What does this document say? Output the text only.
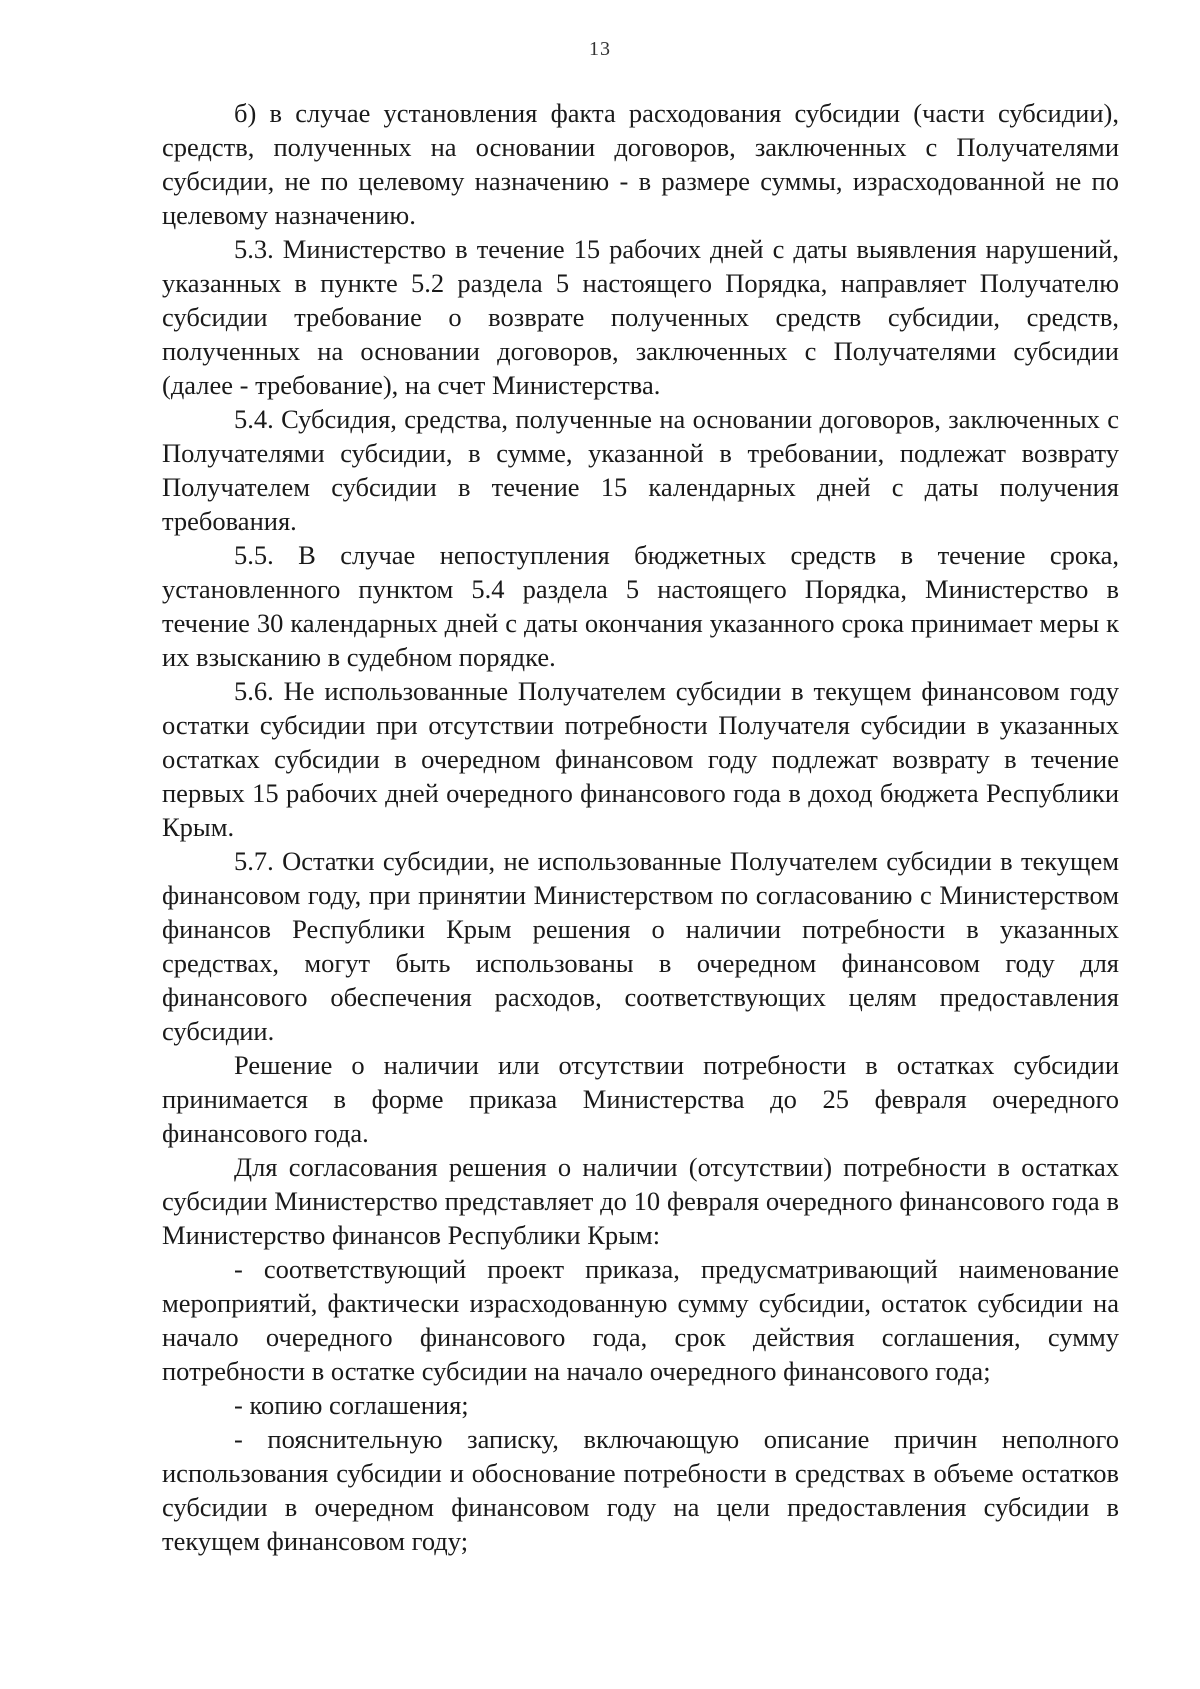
13

б) в случае установления факта расходования субсидии (части субсидии), средств, полученных на основании договоров, заключенных с Получателями субсидии, не по целевому назначению - в размере суммы, израсходованной не по целевому назначению.

5.3. Министерство в течение 15 рабочих дней с даты выявления нарушений, указанных в пункте 5.2 раздела 5 настоящего Порядка, направляет Получателю субсидии требование о возврате полученных средств субсидии, средств, полученных на основании договоров, заключенных с Получателями субсидии (далее - требование), на счет Министерства.

5.4. Субсидия, средства, полученные на основании договоров, заключенных с Получателями субсидии, в сумме, указанной в требовании, подлежат возврату Получателем субсидии в течение 15 календарных дней с даты получения требования.

5.5. В случае непоступления бюджетных средств в течение срока, установленного пунктом 5.4 раздела 5 настоящего Порядка, Министерство в течение 30 календарных дней с даты окончания указанного срока принимает меры к их взысканию в судебном порядке.

5.6. Не использованные Получателем субсидии в текущем финансовом году остатки субсидии при отсутствии потребности Получателя субсидии в указанных остатках субсидии в очередном финансовом году подлежат возврату в течение первых 15 рабочих дней очередного финансового года в доход бюджета Республики Крым.

5.7. Остатки субсидии, не использованные Получателем субсидии в текущем финансовом году, при принятии Министерством по согласованию с Министерством финансов Республики Крым решения о наличии потребности в указанных средствах, могут быть использованы в очередном финансовом году для финансового обеспечения расходов, соответствующих целям предоставления субсидии.

Решение о наличии или отсутствии потребности в остатках субсидии принимается в форме приказа Министерства до 25 февраля очередного финансового года.

Для согласования решения о наличии (отсутствии) потребности в остатках субсидии Министерство представляет до 10 февраля очередного финансового года в Министерство финансов Республики Крым:

- соответствующий проект приказа, предусматривающий наименование мероприятий, фактически израсходованную сумму субсидии, остаток субсидии на начало очередного финансового года, срок действия соглашения, сумму потребности в остатке субсидии на начало очередного финансового года;

- копию соглашения;

- пояснительную записку, включающую описание причин неполного использования субсидии и обоснование потребности в средствах в объеме остатков субсидии в очередном финансовом году на цели предоставления субсидии в текущем финансовом году;
